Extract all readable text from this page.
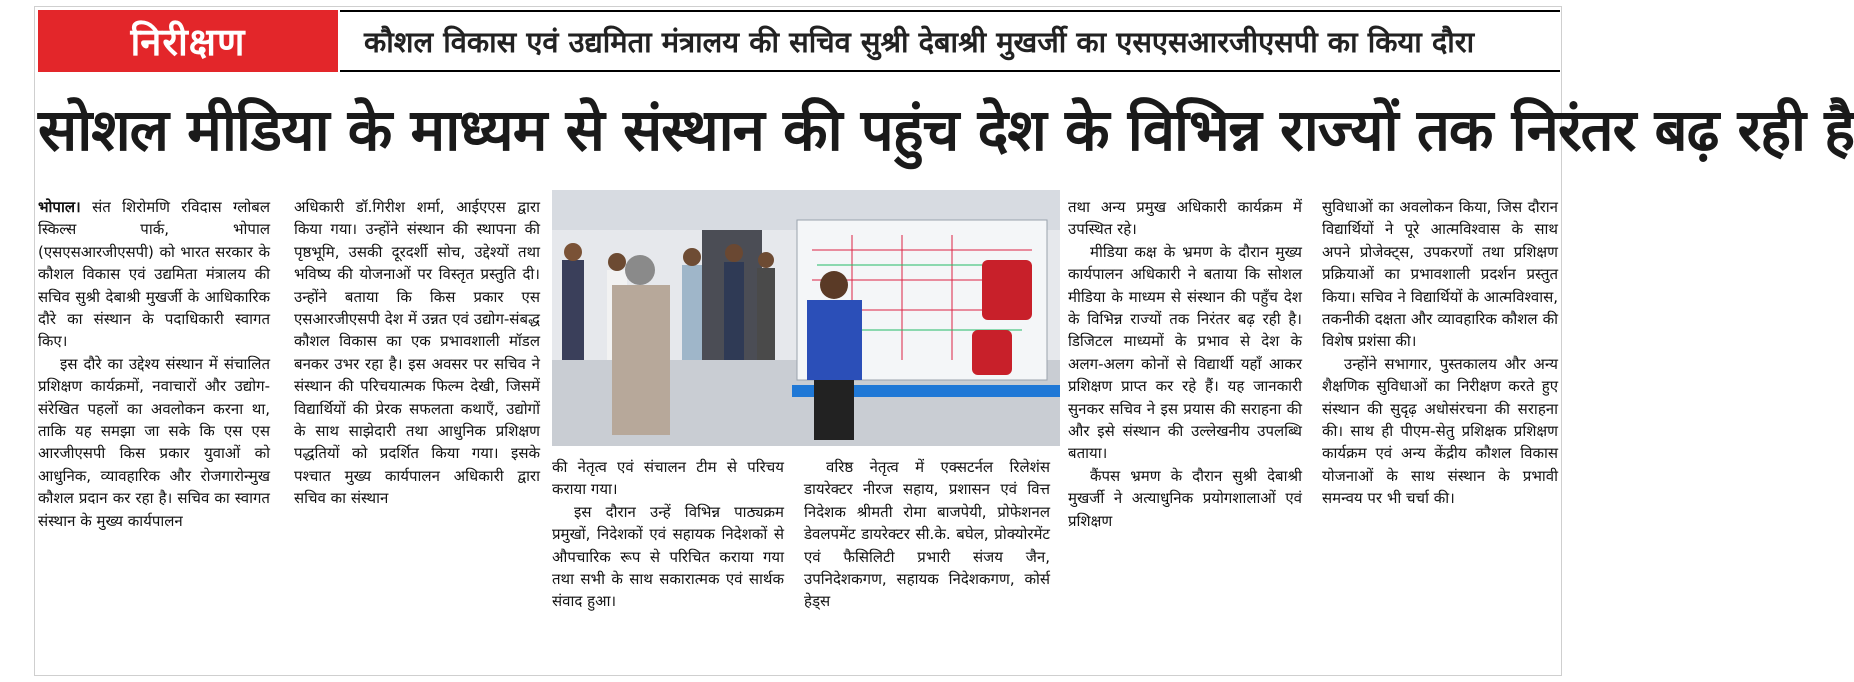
निरीक्षण	कौशल विकास एवं उद्यमिता मंत्रालय की सचिव सुश्री देबाश्री मुखर्जी का एसएसआरजीएसपी का किया दौरा
सोशल मीडिया के माध्यम से संस्थान की पहुंच देश के विभिन्न राज्यों तक निरंतर बढ़ रही है

भोपाल। संत शिरोमणि रविदास ग्लोबल स्किल्स पार्क, भोपाल (एसएसआरजीएसपी) को भारत सरकार के कौशल विकास एवं उद्यमिता मंत्रालय की सचिव सुश्री देबाश्री मुखर्जी के आधिकारिक दौरे का संस्थान के पदाधिकारी स्वागत किए।

इस दौरे का उद्देश्य संस्थान में संचालित प्रशिक्षण कार्यक्रमों, नवाचारों और उद्योग-संरेखित पहलों का अवलोकन करना था, ताकि यह समझा जा सके कि एस एस आरजीएसपी किस प्रकार युवाओं को आधुनिक, व्यावहारिक और रोजगारोन्मुख कौशल प्रदान कर रहा है। सचिव का स्वागत संस्थान के मुख्य कार्यपालन

अधिकारी डॉ.गिरीश शर्मा, आईएएस द्वारा किया गया। उन्होंने संस्थान की स्थापना की पृष्ठभूमि, उसकी दूरदर्शी सोच, उद्देश्यों तथा भविष्य की योजनाओं पर विस्तृत प्रस्तुति दी। उन्होंने बताया कि किस प्रकार एस एसआरजीएसपी देश में उन्नत एवं उद्योग-संबद्ध कौशल विकास का एक प्रभावशाली मॉडल बनकर उभर रहा है। इस अवसर पर सचिव ने संस्थान की परिचयात्मक फिल्म देखी, जिसमें विद्यार्थियों की प्रेरक सफलता कथाएँ, उद्योगों के साथ साझेदारी तथा आधुनिक प्रशिक्षण पद्धतियों को प्रदर्शित किया गया। इसके पश्चात मुख्य कार्यपालन अधिकारी द्वारा सचिव का संस्थान

की नेतृत्व एवं संचालन टीम से परिचय कराया गया।

इस दौरान उन्हें विभिन्न पाठ्यक्रम प्रमुखों, निदेशकों एवं सहायक निदेशकों से औपचारिक रूप से परिचित कराया गया तथा सभी के साथ सकारात्मक एवं सार्थक संवाद हुआ।

वरिष्ठ नेतृत्व में एक्सटर्नल रिलेशंस डायरेक्टर नीरज सहाय, प्रशासन एवं वित्त निदेशक श्रीमती रोमा बाजपेयी, प्रोफेशनल डेवलपमेंट डायरेक्टर सी.के. बघेल, प्रोक्योरमेंट एवं फैसिलिटी प्रभारी संजय जैन, उपनिदेशकगण, सहायक निदेशकगण, कोर्स हेड्स

तथा अन्य प्रमुख अधिकारी कार्यक्रम में उपस्थित रहे।

मीडिया कक्ष के भ्रमण के दौरान मुख्य कार्यपालन अधिकारी ने बताया कि सोशल मीडिया के माध्यम से संस्थान की पहुँच देश के विभिन्न राज्यों तक निरंतर बढ़ रही है। डिजिटल माध्यमों के प्रभाव से देश के अलग-अलग कोनों से विद्यार्थी यहाँ आकर प्रशिक्षण प्राप्त कर रहे हैं। यह जानकारी सुनकर सचिव ने इस प्रयास की सराहना की और इसे संस्थान की उल्लेखनीय उपलब्धि बताया।

कैंपस भ्रमण के दौरान सुश्री देबाश्री मुखर्जी ने अत्याधुनिक प्रयोगशालाओं एवं प्रशिक्षण

सुविधाओं का अवलोकन किया, जिस दौरान विद्यार्थियों ने पूरे आत्मविश्वास के साथ अपने प्रोजेक्ट्स, उपकरणों तथा प्रशिक्षण प्रक्रियाओं का प्रभावशाली प्रदर्शन प्रस्तुत किया। सचिव ने विद्यार्थियों के आत्मविश्वास, तकनीकी दक्षता और व्यावहारिक कौशल की विशेष प्रशंसा की।

उन्होंने सभागार, पुस्तकालय और अन्य शैक्षणिक सुविधाओं का निरीक्षण करते हुए संस्थान की सुदृढ़ अधोसंरचना की सराहना की। साथ ही पीएम-सेतु प्रशिक्षक प्रशिक्षण कार्यक्रम एवं अन्य केंद्रीय कौशल विकास योजनाओं के साथ संस्थान के प्रभावी समन्वय पर भी चर्चा की।
